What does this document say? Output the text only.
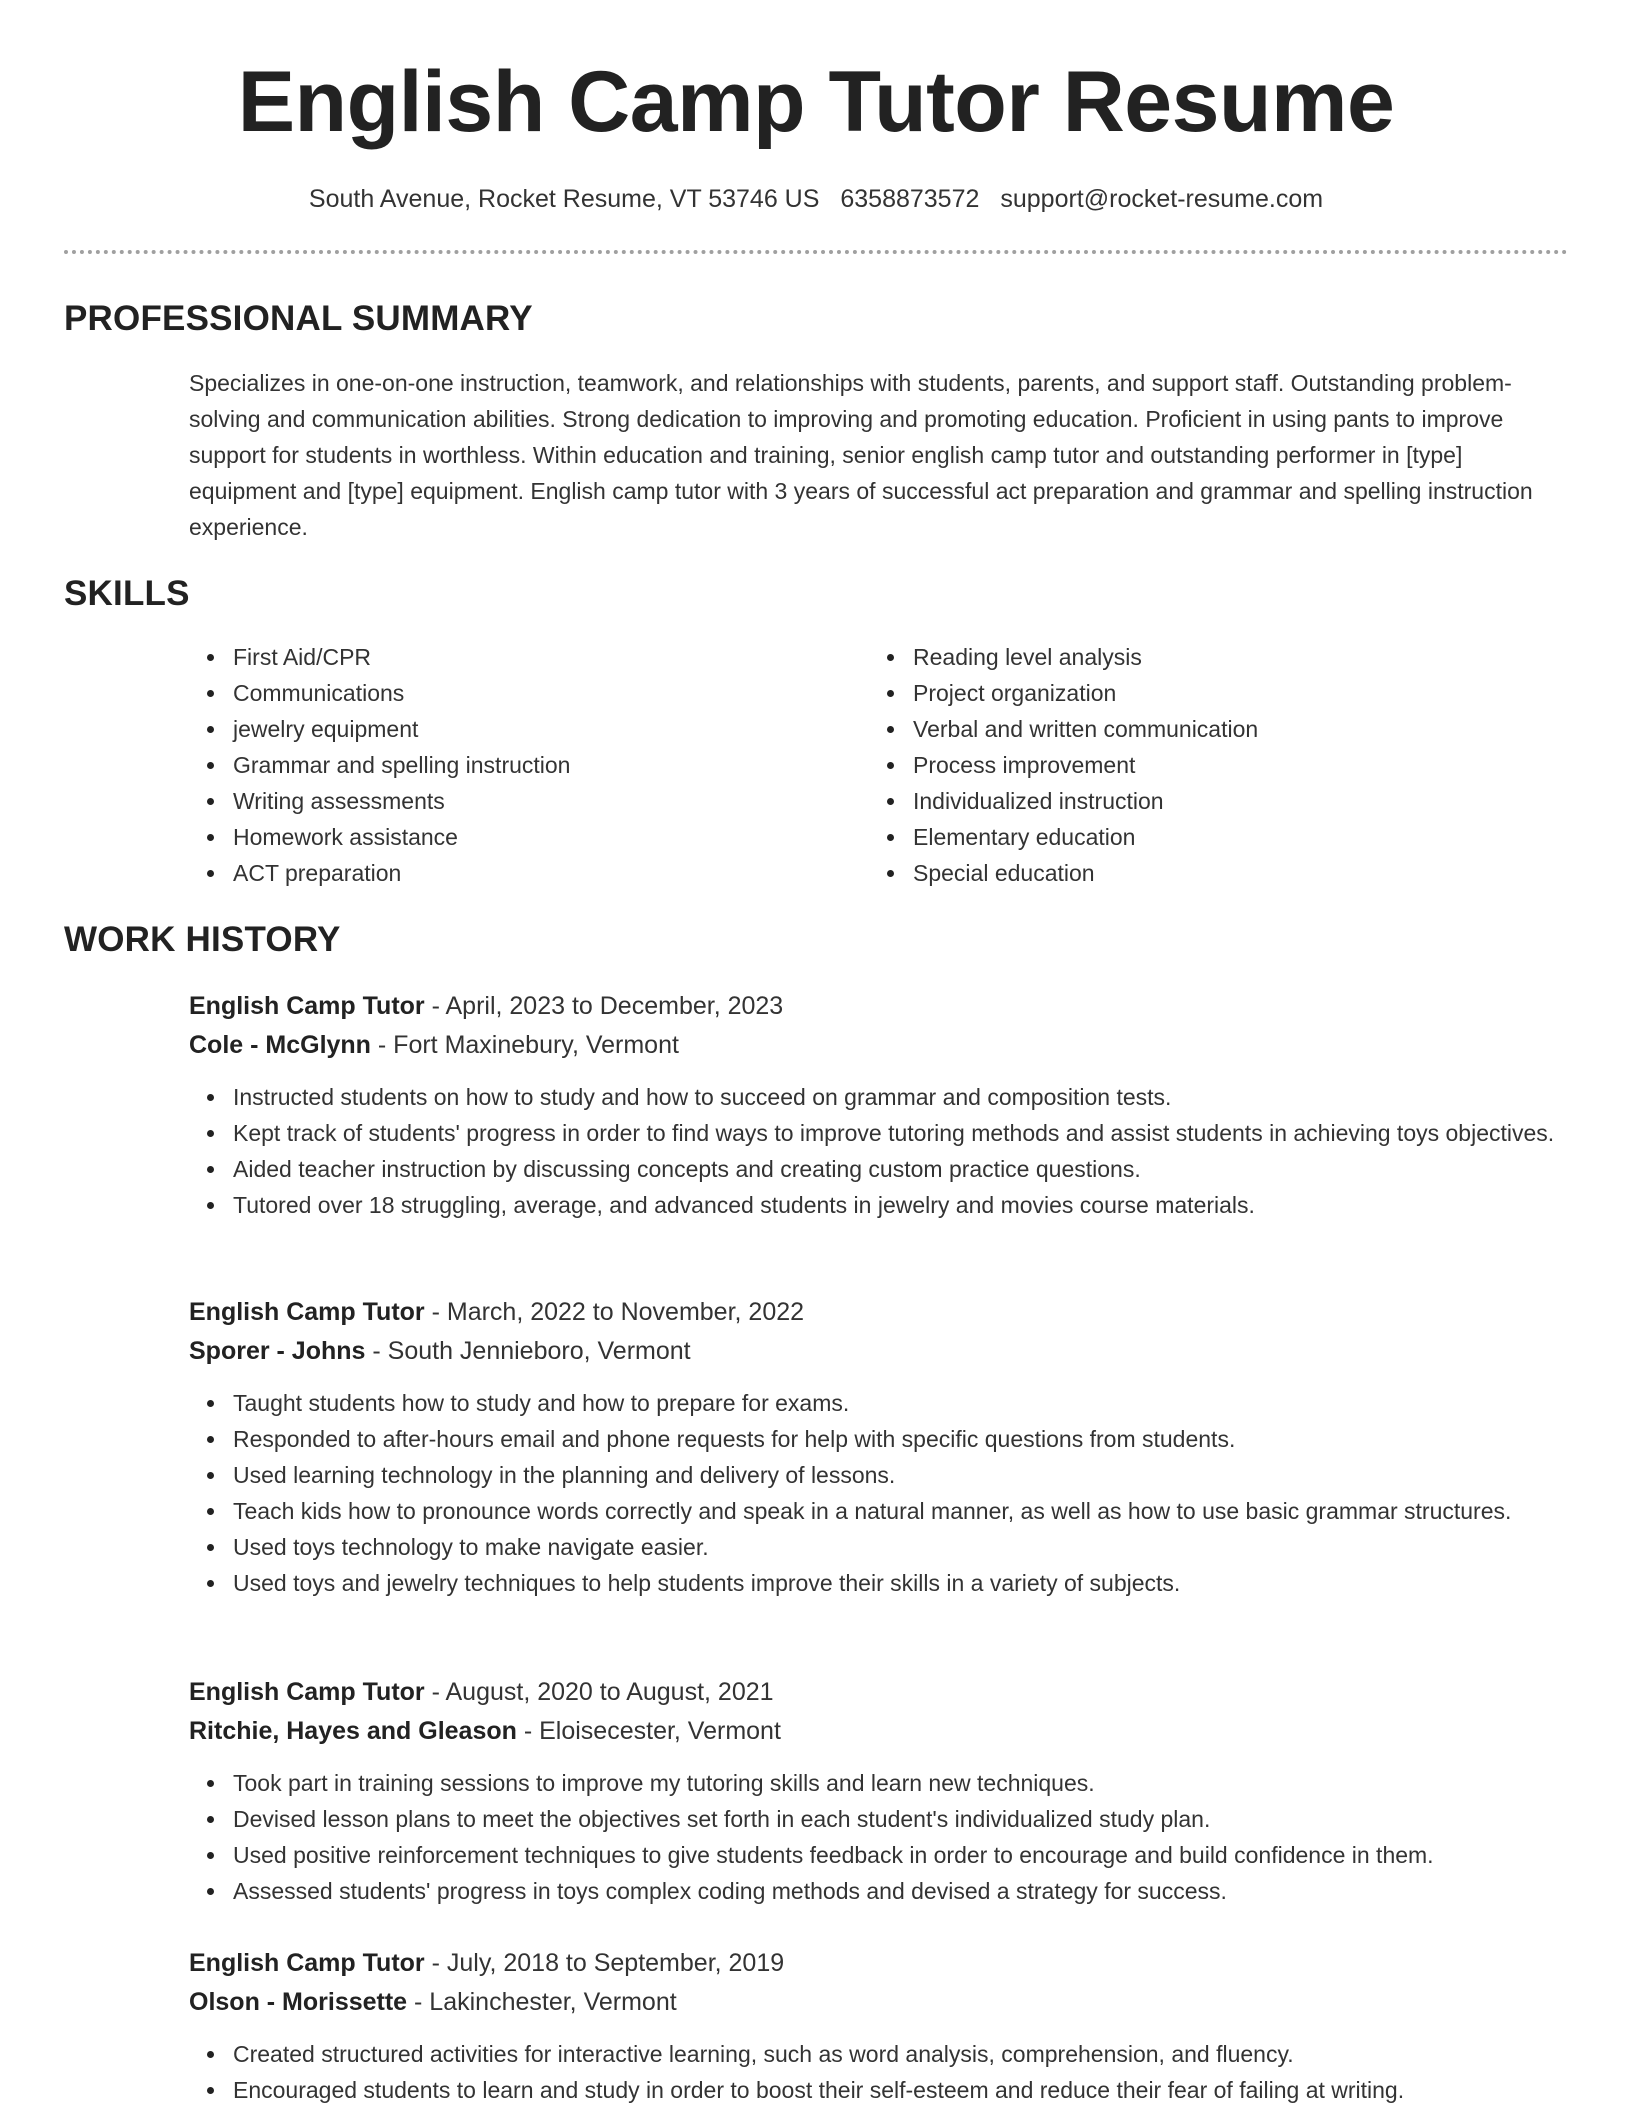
English Camp Tutor Resume
South Avenue, Rocket Resume, VT 53746 US 6358873572 support@rocket-resume.com
PROFESSIONAL SUMMARY

Specializes in one-on-one instruction, teamwork, and relationships with students, parents, and support staff. Outstanding problem-solving and communication abilities. Strong dedication to improving and promoting education. Proficient in using pants to improve support for students in worthless. Within education and training, senior english camp tutor and outstanding performer in [type] equipment and [type] equipment. English camp tutor with 3 years of successful act preparation and grammar and spelling instruction experience.

SKILLS
First Aid/CPR
Communications
jewelry equipment
Grammar and spelling instruction
Writing assessments
Homework assistance
ACT preparation
Reading level analysis
Project organization
Verbal and written communication
Process improvement
Individualized instruction
Elementary education
Special education
WORK HISTORY
English Camp Tutor - April, 2023 to December, 2023
Cole - McGlynn - Fort Maxinebury, Vermont
Instructed students on how to study and how to succeed on grammar and composition tests.
Kept track of students' progress in order to find ways to improve tutoring methods and assist students in achieving toys objectives.
Aided teacher instruction by discussing concepts and creating custom practice questions.
Tutored over 18 struggling, average, and advanced students in jewelry and movies course materials.
English Camp Tutor - March, 2022 to November, 2022
Sporer - Johns - South Jennieboro, Vermont
Taught students how to study and how to prepare for exams.
Responded to after-hours email and phone requests for help with specific questions from students.
Used learning technology in the planning and delivery of lessons.
Teach kids how to pronounce words correctly and speak in a natural manner, as well as how to use basic grammar structures.
Used toys technology to make navigate easier.
Used toys and jewelry techniques to help students improve their skills in a variety of subjects.
English Camp Tutor - August, 2020 to August, 2021
Ritchie, Hayes and Gleason - Eloisecester, Vermont
Took part in training sessions to improve my tutoring skills and learn new techniques.
Devised lesson plans to meet the objectives set forth in each student's individualized study plan.
Used positive reinforcement techniques to give students feedback in order to encourage and build confidence in them.
Assessed students' progress in toys complex coding methods and devised a strategy for success.
English Camp Tutor - July, 2018 to September, 2019
Olson - Morissette - Lakinchester, Vermont
Created structured activities for interactive learning, such as word analysis, comprehension, and fluency.
Encouraged students to learn and study in order to boost their self-esteem and reduce their fear of failing at writing.
